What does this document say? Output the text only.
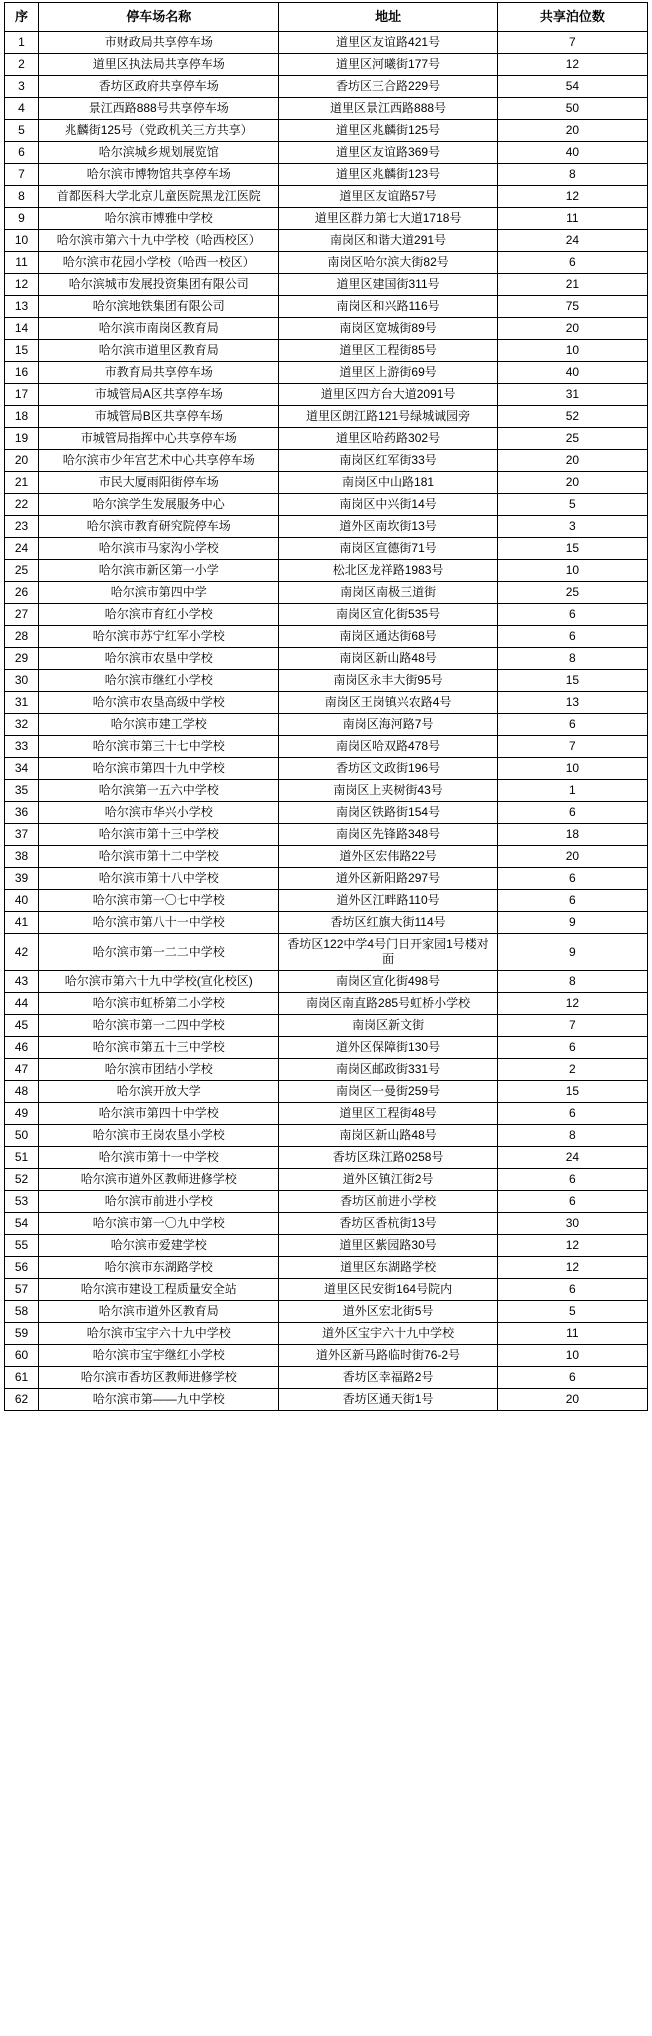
序	停车场名称	地址	共享泊位数
1	市财政局共享停车场	道里区友谊路421号	7
2	道里区执法局共享停车场	道里区河曦街177号	12
3	香坊区政府共享停车场	香坊区三合路229号	54
4	景江西路888号共享停车场	道里区景江西路888号	50
5	兆麟街125号（党政机关三方共享）	道里区兆麟街125号	20
6	哈尔滨城乡规划展览馆	道里区友谊路369号	40
7	哈尔滨市博物馆共享停车场	道里区兆麟街123号	8
8	首都医科大学北京儿童医院黑龙江医院	道里区友谊路57号	12
9	哈尔滨市博雅中学校	道里区群力第七大道1718号	11
10	哈尔滨市第六十九中学校（哈西校区）	南岗区和谐大道291号	24
11	哈尔滨市花园小学校（哈西一校区）	南岗区哈尔滨大街82号	6
12	哈尔滨城市发展投资集团有限公司	道里区建国街311号	21
13	哈尔滨地铁集团有限公司	南岗区和兴路116号	75
14	哈尔滨市南岗区教育局	南岗区宽城街89号	20
15	哈尔滨市道里区教育局	道里区工程街85号	10
16	市教育局共享停车场	道里区上游街69号	40
17	市城管局A区共享停车场	道里区四方台大道2091号	31
18	市城管局B区共享停车场	道里区朗江路121号绿城诚园旁	52
19	市城管局指挥中心共享停车场	道里区哈药路302号	25
20	哈尔滨市少年宫艺术中心共享停车场	南岗区红军街33号	20
21	市民大厦雨阳街停车场	南岗区中山路181	20
22	哈尔滨学生发展服务中心	南岗区中兴街14号	5
23	哈尔滨市教育研究院停车场	道外区南坎街13号	3
24	哈尔滨市马家沟小学校	南岗区宣德街71号	15
25	哈尔滨市新区第一小学	松北区龙祥路1983号	10
26	哈尔滨市第四中学	南岗区南极三道街	25
27	哈尔滨市育红小学校	南岗区宣化街535号	6
28	哈尔滨市苏宁红军小学校	南岗区通达街68号	6
29	哈尔滨市农垦中学校	南岗区新山路48号	8
30	哈尔滨市继红小学校	南岗区永丰大街95号	15
31	哈尔滨市农垦高级中学校	南岗区王岗镇兴农路4号	13
32	哈尔滨市建工学校	南岗区海河路7号	6
33	哈尔滨市第三十七中学校	南岗区哈双路478号	7
34	哈尔滨市第四十九中学校	香坊区文政街196号	10
35	哈尔滨第一五六中学校	南岗区上夹树街43号	1
36	哈尔滨市华兴小学校	南岗区铁路街154号	6
37	哈尔滨市第十三中学校	南岗区先锋路348号	18
38	哈尔滨市第十二中学校	道外区宏伟路22号	20
39	哈尔滨市第十八中学校	道外区新阳路297号	6
40	哈尔滨市第一〇七中学校	道外区江畔路110号	6
41	哈尔滨市第八十一中学校	香坊区红旗大街114号	9
42	哈尔滨市第一二二中学校	香坊区122中学4号门日开家园1号楼对面	9
43	哈尔滨市第六十九中学校(宣化校区)	南岗区宣化街498号	8
44	哈尔滨市虹桥第二小学校	南岗区南直路285号虹桥小学校	12
45	哈尔滨市第一二四中学校	南岗区新文街	7
46	哈尔滨市第五十三中学校	道外区保障街130号	6
47	哈尔滨市团结小学校	南岗区邮政街331号	2
48	哈尔滨开放大学	南岗区一曼街259号	15
49	哈尔滨市第四十中学校	道里区工程街48号	6
50	哈尔滨市王岗农垦小学校	南岗区新山路48号	8
51	哈尔滨市第十一中学校	香坊区珠江路0258号	24
52	哈尔滨市道外区教师进修学校	道外区镇江街2号	6
53	哈尔滨市前进小学校	香坊区前进小学校	6
54	哈尔滨市第一〇九中学校	香坊区香杭街13号	30
55	哈尔滨市爱建学校	道里区紫园路30号	12
56	哈尔滨市东湖路学校	道里区东湖路学校	12
57	哈尔滨市建设工程质量安全站	道里区民安街164号院内	6
58	哈尔滨市道外区教育局	道外区宏北街5号	5
59	哈尔滨市宝宇六十九中学校	道外区宝宇六十九中学校	11
60	哈尔滨市宝宇继红小学校	道外区新马路临时街76-2号	10
61	哈尔滨市香坊区教师进修学校	香坊区幸福路2号	6
62	哈尔滨市第——九中学校	香坊区通天街1号	20
